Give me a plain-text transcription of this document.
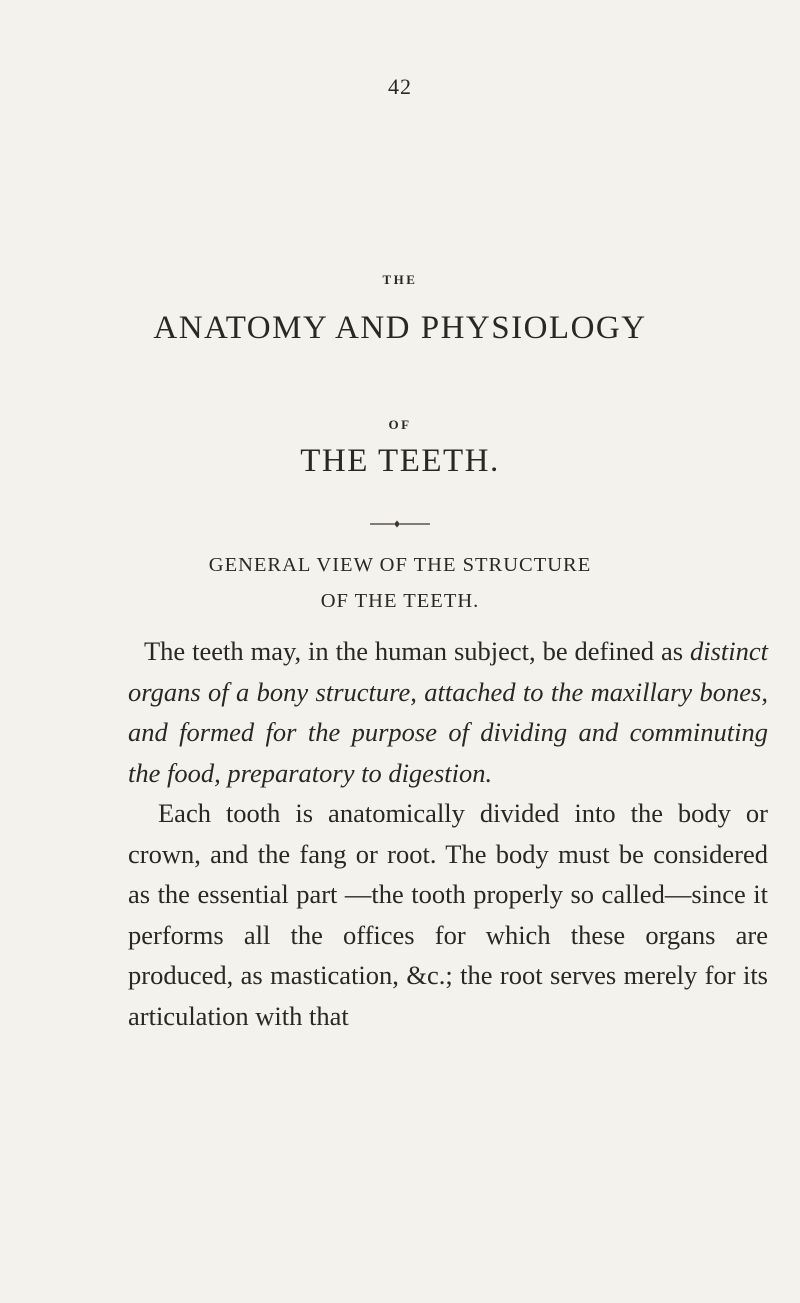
42
THE
ANATOMY AND PHYSIOLOGY
OF
THE TEETH.
GENERAL VIEW OF THE STRUCTURE
OF THE TEETH.

The teeth may, in the human subject, be defined as distinct organs of a bony structure, attached to the maxillary bones, and formed for the purpose of dividing and comminuting the food, preparatory to digestion.

Each tooth is anatomically divided into the body or crown, and the fang or root. The body must be considered as the essential part —the tooth properly so called—since it performs all the offices for which these organs are produced, as mastication, &c.; the root serves merely for its articulation with that
